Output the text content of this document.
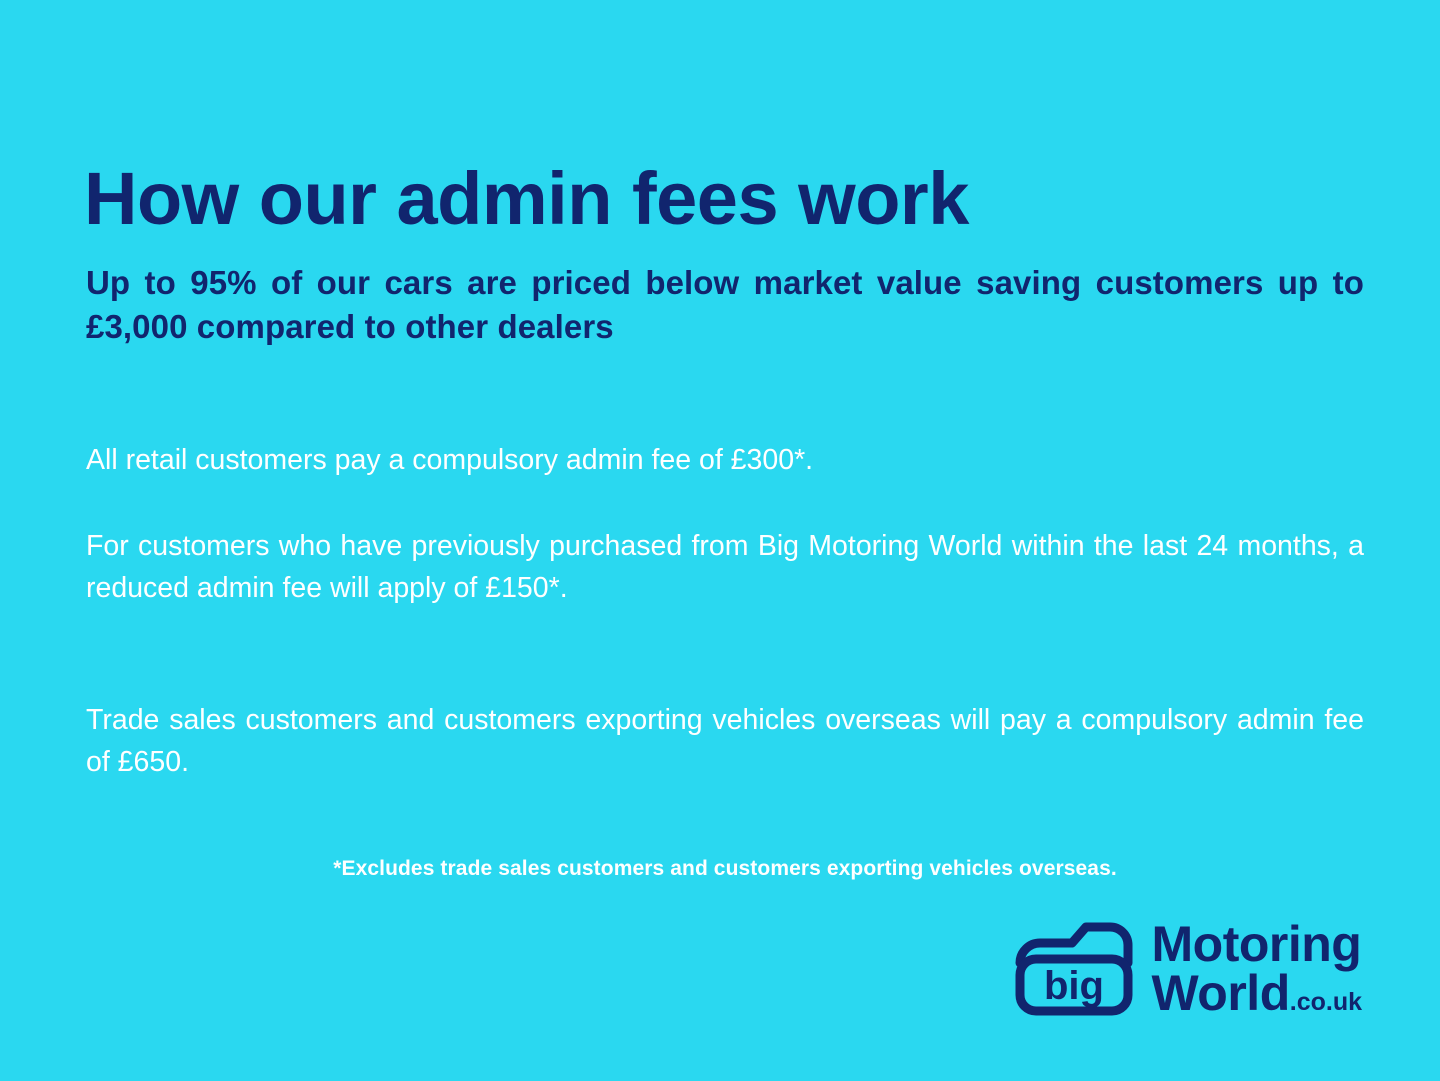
How our admin fees work

Up to 95% of our cars are priced below market value saving customers up to £3,000 compared to other dealers

All retail customers pay a compulsory admin fee of £300*.

For customers who have previously purchased from Big Motoring World within the last 24 months, a reduced admin fee will apply of £150*.

Trade sales customers and customers exporting vehicles overseas will pay a compulsory admin fee of £650.

*Excludes trade sales customers and customers exporting vehicles overseas.

big
Motoring
World.co.uk
